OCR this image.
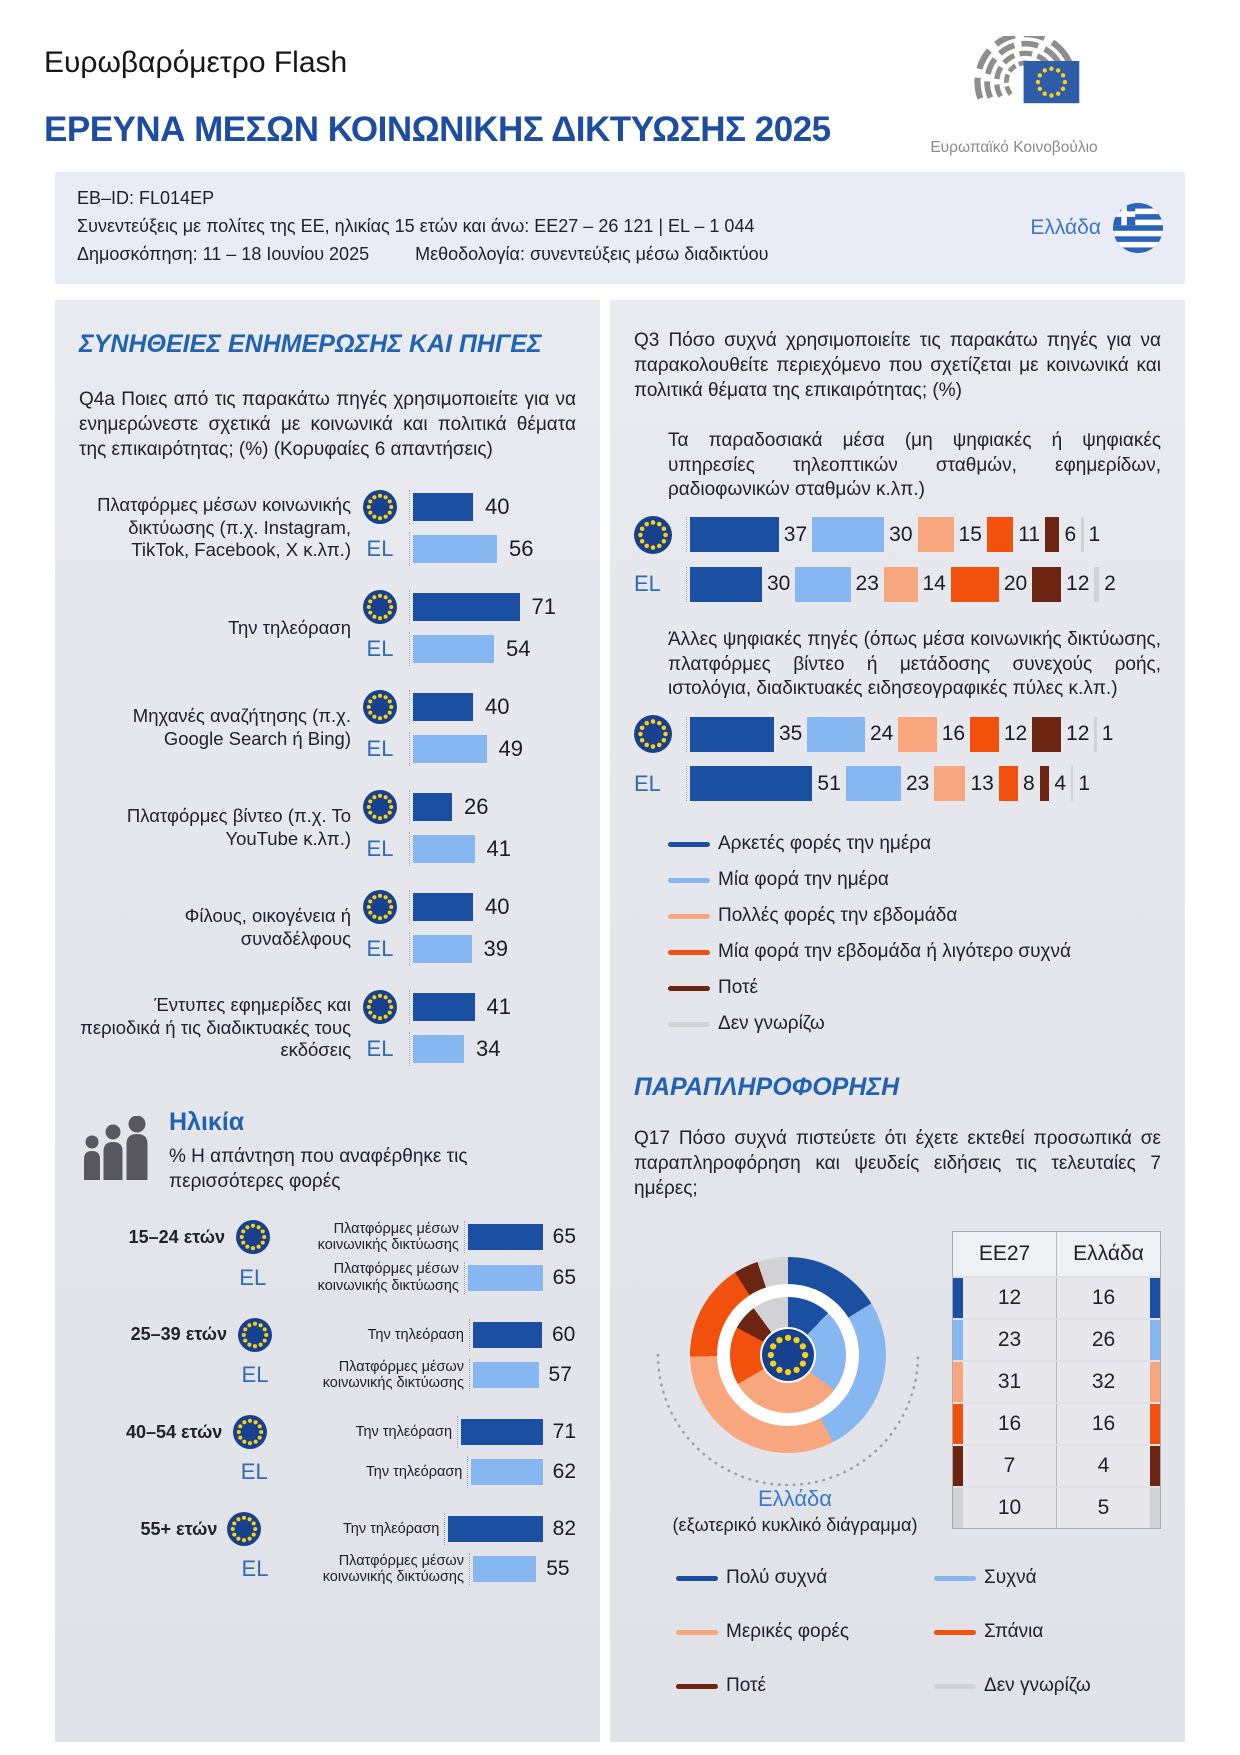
Ευρωβαρόμετρο Flash
ΕΡΕΥΝΑ ΜΕΣΩΝ ΚΟΙΝΩΝΙΚΗΣ ΔΙΚΤΥΩΣΗΣ 2025	Ευρωπαϊκό Κοινοβούλιο
EB–ID: FL014EP
Συνεντεύξεις με πολίτες της ΕΕ, ηλικίας 15 ετών και άνω: ΕΕ27 – 26 121 | EL – 1 044
Δημοσκόπηση: 11 – 18 Ιουνίου 2025	Μεθοδολογία: συνεντεύξεις μέσω διαδικτύου
Ελλάδα
ΣΥΝΗΘΕΙΕΣ ΕΝΗΜΕΡΩΣΗΣ ΚΑΙ ΠΗΓΕΣ

Q4a Ποιες από τις παρακάτω πηγές χρησιμοποιείτε για να ενημερώνεστε σχετικά με κοινωνικά και πολιτικά θέματα της επικαιρότητας; (%) (Κορυφαίες 6 απαντήσεις)

Πλατφόρμες μέσων κοινωνικής δικτύωσης (π.χ. Instagram, TikTok, Facebook, X κ.λπ.)
40
EL	56
Την τηλεόραση
71
EL	54
Μηχανές αναζήτησης (π.χ. Google Search ή Bing)
40
EL	49
Πλατφόρμες βίντεο (π.χ. Το YouTube κ.λπ.)
26
EL	41
Φίλους, οικογένεια ή συναδέλφους
40
EL	39
Έντυπες εφημερίδες και περιοδικά ή τις διαδικτυακές τους εκδόσεις
41
EL	34
Ηλικία

% Η απάντηση που αναφέρθηκε τις περισσότερες φορές

15–24 ετών	Πλατφόρμες μέσων κοινωνικής δικτύωσης	65
EL	Πλατφόρμες μέσων κοινωνικής δικτύωσης	65
25–39 ετών	Την τηλεόραση	60
EL	Πλατφόρμες μέσων κοινωνικής δικτύωσης	57
40–54 ετών	Την τηλεόραση	71
EL	Την τηλεόραση	62
55+ ετών	Την τηλεόραση	82
EL	Πλατφόρμες μέσων κοινωνικής δικτύωσης	55

Q3 Πόσο συχνά χρησιμοποιείτε τις παρακάτω πηγές για να παρακολουθείτε περιεχόμενο που σχετίζεται με κοινωνικά και πολιτικά θέματα της επικαιρότητας; (%)

Τα παραδοσιακά μέσα (μη ψηφιακές ή ψηφιακές υπηρεσίες τηλεοπτικών σταθμών, εφημερίδων, ραδιοφωνικών σταθμών κ.λπ.)

37	30 15 11 6 1
EL	30	23 14	20 12 2

Άλλες ψηφιακές πηγές (όπως μέσα κοινωνικής δικτύωσης, πλατφόρμες βίντεο ή μετάδοσης συνεχούς ροής, ιστολόγια, διαδικτυακές ειδησεογραφικές πύλες κ.λπ.)

35	24 16 12 12 1
EL	51	23 13 8 4 1
Αρκετές φορές την ημέρα
Μία φορά την ημέρα
Πολλές φορές την εβδομάδα
Μία φορά την εβδομάδα ή λιγότερο συχνά
Ποτέ
Δεν γνωρίζω
ΠΑΡΑΠΛΗΡΟΦΟΡΗΣΗ

Q17 Πόσο συχνά πιστεύετε ότι έχετε εκτεθεί προσωπικά σε παραπληροφόρηση και ψευδείς ειδήσεις τις τελευταίες 7 ημέρες;

Ελλάδα
(εξωτερικό κυκλικό διάγραμμα)
ΕΕ27	Ελλάδα
12	16
23	26
31	32
16	16
7	4
10	5
Πολύ συχνά	Συχνά
Μερικές φορές	Σπάνια
Ποτέ	Δεν γνωρίζω
